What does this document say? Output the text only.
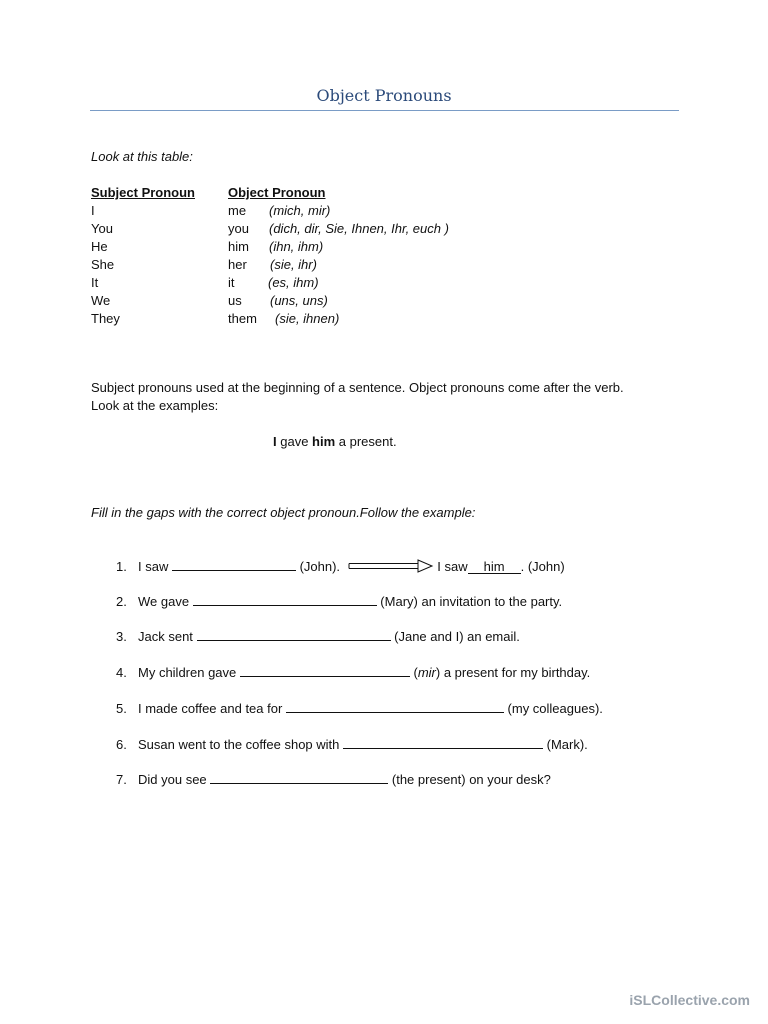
Object Pronouns
Look at this table:
Subject Pronoun	Object Pronoun
I	me (mich, mir)
You	you (dich, dir, Sie, Ihnen, Ihr, euch )
He	him (ihn, ihm)
She	her (sie, ihr)
It	it	(es, ihm)
We	us (uns, uns)
They	them (sie, ihnen)
Subject pronouns used at the beginning of a sentence. Object pronouns come after the verb.
Look at the examples:
I gave him a present.
Fill in the gaps with the correct object pronoun.Follow the example:
1. I saw	(John).	I saw him . (John)
2. We gave	(Mary) an invitation to the party.
3. Jack sent	(Jane and I) an email.
4. My children gave	(mir) a present for my birthday.
5. I made coffee and tea for	(my colleagues).
6. Susan went to the coffee shop with	(Mark).
7. Did you see	(the present) on your desk?
iSLCollective.com
